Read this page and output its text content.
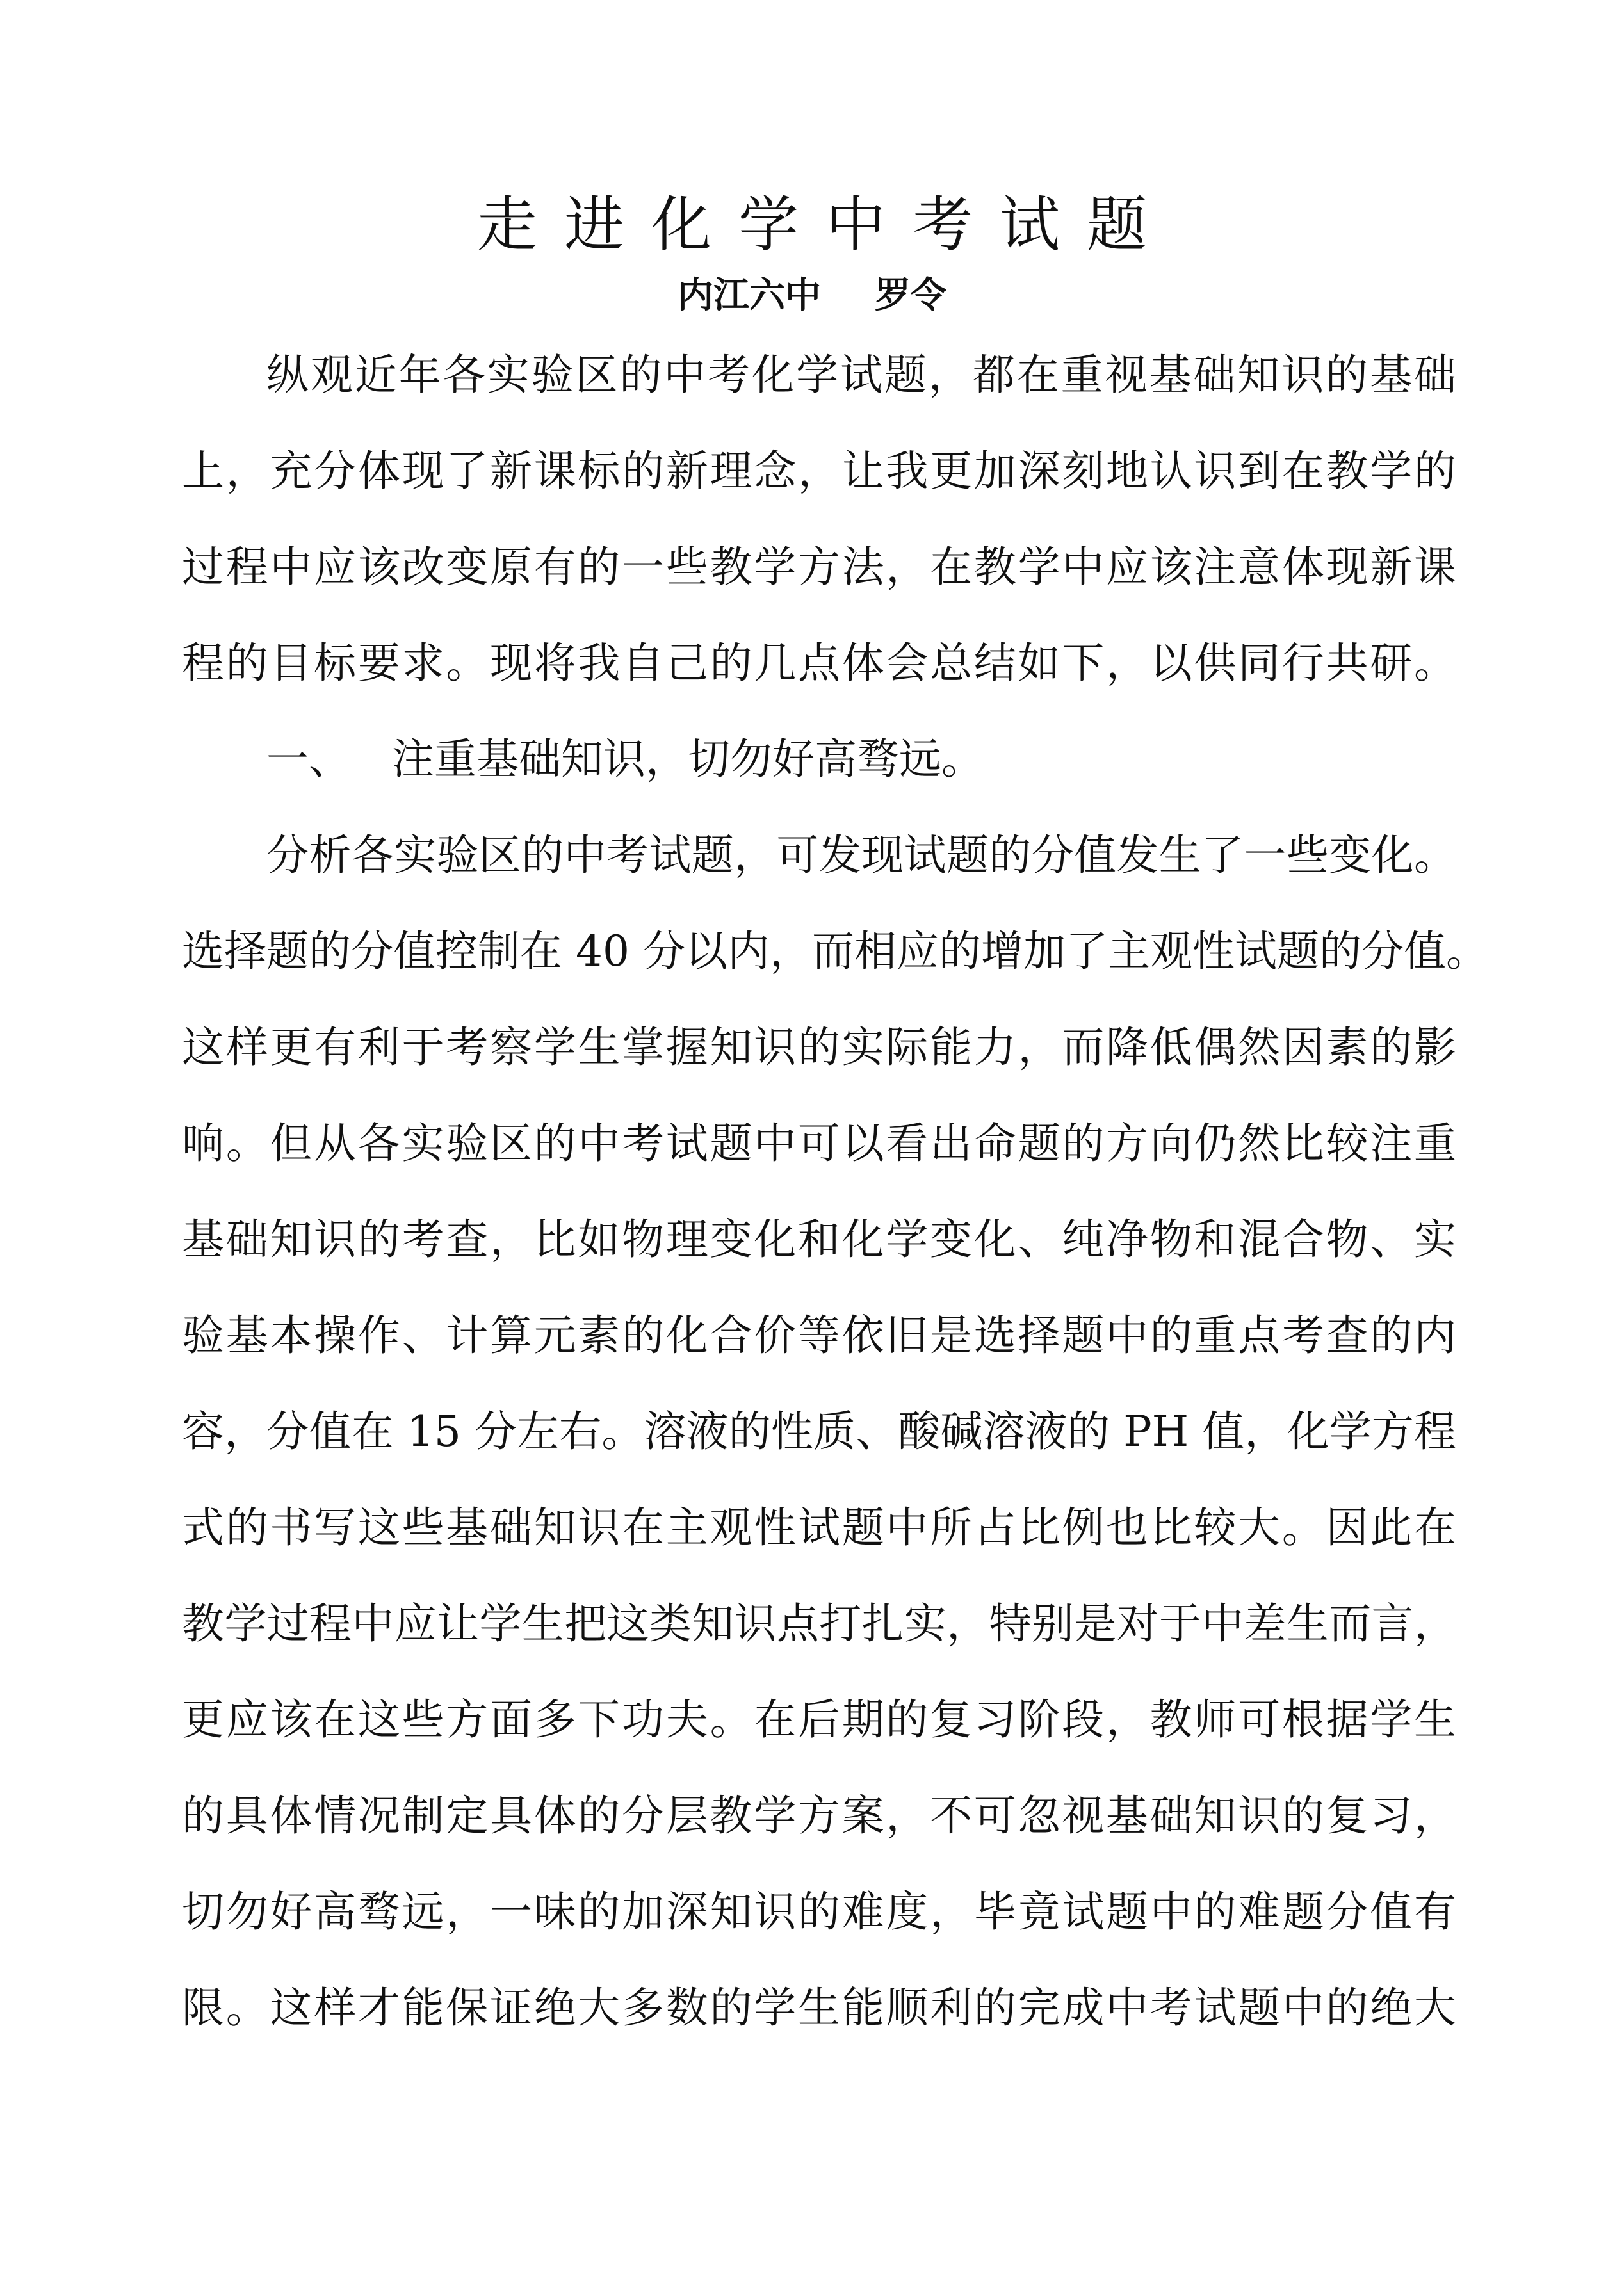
走进化学中考试题
内江六中 罗令
纵观近年各实验区的中考化学试题，都在重视基础知识的基础
上，充分体现了新课标的新理念，让我更加深刻地认识到在教学的
过程中应该改变原有的一些教学方法，在教学中应该注意体现新课
程的目标要求。现将我自己的几点体会总结如下，以供同行共研。
一、 注重基础知识，切勿好高骛远。
分析各实验区的中考试题，可发现试题的分值发生了一些变化。
选择题的分值控制在 40 分以内，而相应的增加了主观性试题的分值。
这样更有利于考察学生掌握知识的实际能力，而降低偶然因素的影
响。但从各实验区的中考试题中可以看出命题的方向仍然比较注重
基础知识的考查，比如物理变化和化学变化、纯净物和混合物、实
验基本操作、计算元素的化合价等依旧是选择题中的重点考查的内
容，分值在 15 分左右。溶液的性质、酸碱溶液的 PH 值，化学方程
式的书写这些基础知识在主观性试题中所占比例也比较大。因此在
教学过程中应让学生把这类知识点打扎实，特别是对于中差生而言，
更应该在这些方面多下功夫。在后期的复习阶段，教师可根据学生
的具体情况制定具体的分层教学方案，不可忽视基础知识的复习，
切勿好高骛远，一味的加深知识的难度，毕竟试题中的难题分值有
限。这样才能保证绝大多数的学生能顺利的完成中考试题中的绝大
